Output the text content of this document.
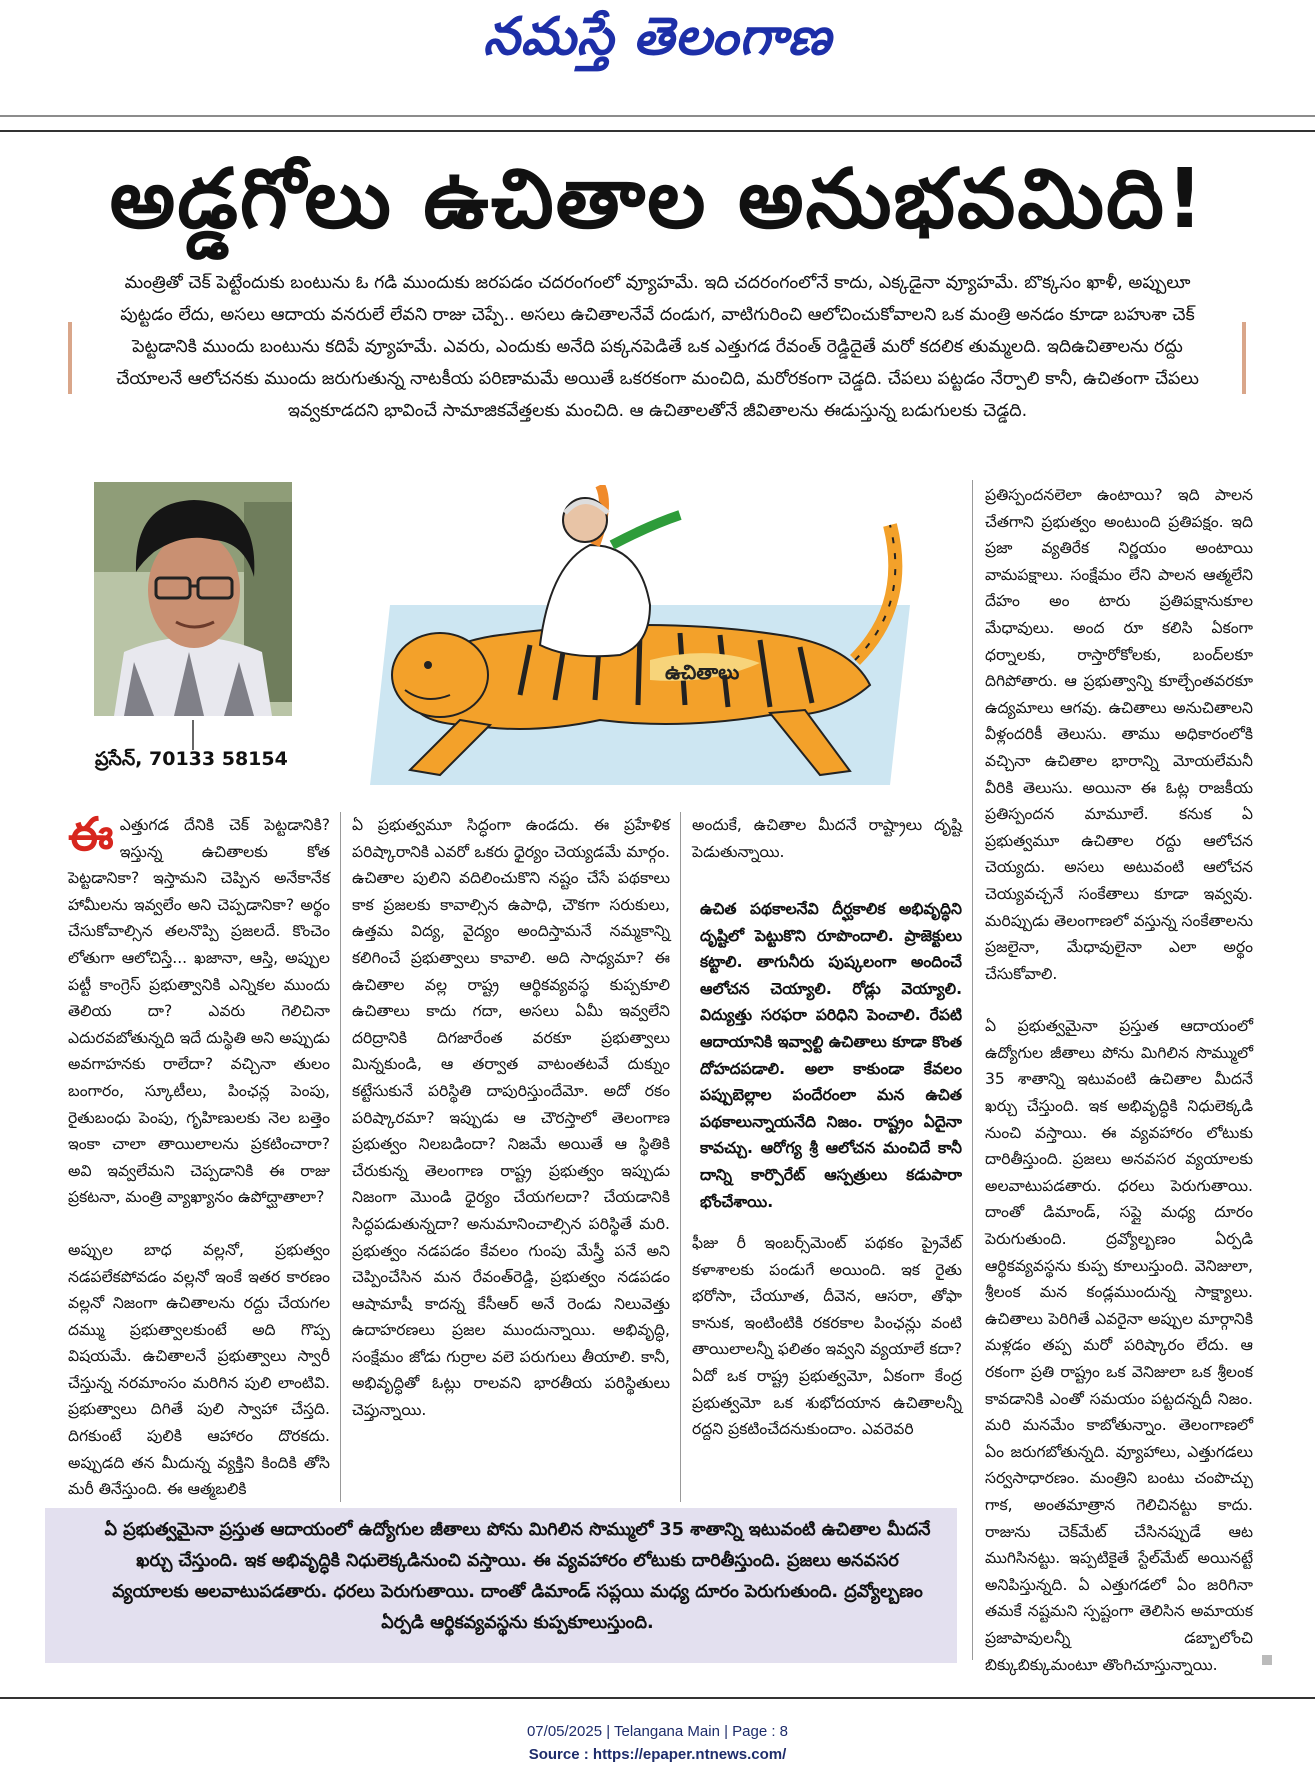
నమస్తే తెలంగాణ
అడ్డగోలు ఉచితాల అనుభవమిది!
మంత్రితో చెక్ పెట్టేందుకు బంటును ఓ గడి ముందుకు జరపడం చదరంగంలో వ్యూహమే. ఇది చదరంగంలోనే కాదు, ఎక్కడైనా వ్యూహమే. బొక్కసం ఖాళీ, అప్పులూ పుట్టడం లేదు, అసలు ఆదాయ వనరులే లేవని రాజు చెప్పే.. అసలు ఉచితాలనేవే దండుగ, వాటిగురించి ఆలోచించుకోవాలని ఒక మంత్రి అనడం కూడా బహుశా చెక్ పెట్టడానికి ముందు బంటును కదిపే వ్యూహమే. ఎవరు, ఎందుకు అనేది పక్కనపెడితే ఒక ఎత్తుగడ రేవంత్ రెడ్డిదైతే మరో కదలిక తుమ్మలది. ఇదిఉచితాలను రద్దు చేయాలనే ఆలోచనకు ముందు జరుగుతున్న నాటకీయ పరిణామమే అయితే ఒకరకంగా మంచిది, మరోరకంగా చెడ్డది. చేపలు పట్టడం నేర్పాలి కానీ, ఉచితంగా చేపలు ఇవ్వకూడదని భావించే సామాజికవేత్తలకు మంచిది. ఆ ఉచితాలతోనే జీవితాలను ఈడుస్తున్న బడుగులకు చెడ్డది.
ప్రసేన్, 70133 58154
ఉచితాలు

ఈఎత్తుగడ దేనికి చెక్ పెట్టడానికి? ఇస్తున్న ఉచితాలకు కోత పెట్టడానికా? ఇస్తామని చెప్పిన అనేకానేక హామీలను ఇవ్వలేం అని చెప్పడానికా? అర్థం చేసుకోవాల్సిన తలనొప్పి ప్రజలదే. కొంచెం లోతుగా ఆలోచిస్తే... ఖజానా, ఆస్తి, అప్పుల పట్టీ కాంగ్రెస్ ప్రభుత్వానికి ఎన్నికల ముందు తెలియ దా? ఎవరు గెలిచినా ఎదురవబోతున్నది ఇదే దుస్థితి అని అప్పుడు అవగాహనకు రాలేదా? వచ్చినా తులం బంగారం, స్కూటీలు, పింఛన్ల పెంపు, రైతుబంధు పెంపు, గృహిణులకు నెల బత్తెం ఇంకా చాలా తాయిలాలను ప్రకటించారా? అవి ఇవ్వలేమని చెప్పడానికి ఈ రాజు ప్రకటనా, మంత్రి వ్యాఖ్యానం ఉపోద్ఘాతాలా?

అప్పుల బాధ వల్లనో, ప్రభుత్వం నడపలేకపోవడం వల్లనో ఇంకే ఇతర కారణం వల్లనో నిజంగా ఉచితాలను రద్దు చేయగల దమ్ము ప్రభుత్వాలకుంటే అది గొప్ప విషయమే. ఉచితాలనే ప్రభుత్వాలు స్వారీ చేస్తున్న నరమాంసం మరిగిన పులి లాంటివి. ప్రభుత్వాలు దిగితే పులి స్వాహా చేస్తది. దిగకుంటే పులికి ఆహారం దొరకదు. అప్పుడది తన మీదున్న వ్యక్తిని కిందికి తోసి మరీ తినేస్తుంది. ఈ ఆత్మబలికి

ఏ ప్రభుత్వమూ సిద్ధంగా ఉండదు. ఈ ప్రహేళిక పరిష్కారానికి ఎవరో ఒకరు ధైర్యం చెయ్యడమే మార్గం. ఉచితాల పులిని వదిలించుకొని నష్టం చేసే పథకాలు కాక ప్రజలకు కావాల్సిన ఉపాధి, చౌకగా సరుకులు, ఉత్తమ విద్య, వైద్యం అందిస్తామనే నమ్మకాన్ని కలిగించే ప్రభుత్వాలు కావాలి. అది సాధ్యమా? ఈ ఉచితాల వల్ల రాష్ట్ర ఆర్థికవ్యవస్థ కుప్పకూలి ఉచితాలు కాదు గదా, అసలు ఏమీ ఇవ్వలేని దరిద్రానికి దిగజారేంత వరకూ ప్రభుత్వాలు మిన్నకుండి, ఆ తర్వాత వాటంతటవే దుక్నుం కట్టేసుకునే పరిస్థితి దాపురిస్తుందేమో. అదో రకం పరిష్కారమా? ఇప్పుడు ఆ చౌరస్తాలో తెలంగాణ ప్రభుత్వం నిలబడిందా? నిజమే అయితే ఆ స్థితికి చేరుకున్న తెలంగాణ రాష్ట్ర ప్రభుత్వం ఇప్పుడు నిజంగా మొండి ధైర్యం చేయగలదా? చేయడానికి సిద్ధపడుతున్నదా? అనుమానించాల్సిన పరిస్థితే మరి. ప్రభుత్వం నడపడం కేవలం గుంపు మేస్త్రీ పనే అని చెప్పించేసిన మన రేవంత్‌రెడ్డి, ప్రభుత్వం నడపడం ఆషామాషీ కాదన్న కేసీఆర్ అనే రెండు నిలువెత్తు ఉదాహరణలు ప్రజల ముందున్నాయి. అభివృద్ధి, సంక్షేమం జోడు గుర్రాల వలె పరుగులు తీయాలి. కానీ, అభివృద్ధితో ఓట్లు రాలవని భారతీయ పరిస్థితులు చెప్తున్నాయి.

అందుకే, ఉచితాల మీదనే రాష్ట్రాలు దృష్టి పెడుతున్నాయి.

ఉచిత పథకాలనేవి దీర్ఘకాలిక అభివృద్ధిని దృష్టిలో పెట్టుకొని రూపొందాలి. ప్రాజెక్టులు కట్టాలి. తాగునీరు పుష్కలంగా అందించే ఆలోచన చెయ్యాలి. రోడ్లు వెయ్యాలి. విద్యుత్తు సరఫరా పరిధిని పెంచాలి. రేపటి ఆదాయానికి ఇవ్వాల్టి ఉచితాలు కూడా కొంత దోహదపడాలి. అలా కాకుండా కేవలం పప్పుబెల్లాల పందేరంలా మన ఉచిత పథకాలున్నాయనేది నిజం. రాష్ట్రం ఏదైనా కావచ్చు. ఆరోగ్య శ్రీ ఆలోచన మంచిదే కానీ దాన్ని కార్పొరేట్ ఆస్పత్రులు కడుపారా భోంచేశాయి.

ఫీజు రీ ఇంబర్స్‌మెంట్ పథకం ప్రైవేట్ కళాశాలకు పండుగే అయింది. ఇక రైతు భరోసా, చేయూత, దీవెన, ఆసరా, తోఫా కానుక, ఇంటింటికి రకరకాల పింఛన్లు వంటి తాయిలాలన్నీ ఫలితం ఇవ్వని వ్యయాలే కదా? ఏదో ఒక రాష్ట్ర ప్రభుత్వమో, ఏకంగా కేంద్ర ప్రభుత్వమో ఒక శుభోదయాన ఉచితాలన్నీ రద్దని ప్రకటించేదనుకుందాం. ఎవరెవరి

ప్రతిస్పందనలెలా ఉంటాయి? ఇది పాలన చేతగాని ప్రభుత్వం అంటుంది ప్రతిపక్షం. ఇది ప్రజా వ్యతిరేక నిర్ణయం అంటాయి వామపక్షాలు. సంక్షేమం లేని పాలన ఆత్మలేని దేహం అం టారు ప్రతిపక్షానుకూల మేధావులు. అంద రూ కలిసి ఏకంగా ధర్నాలకు, రాస్తారోకోలకు, బంద్‌లకూ దిగిపోతారు. ఆ ప్రభుత్వాన్ని కూల్చేంతవరకూ ఉద్యమాలు ఆగవు. ఉచితాలు అనుచితాలని వీళ్లందరికీ తెలుసు. తాము అధికారంలోకి వచ్చినా ఉచితాల భారాన్ని మోయలేమనీ వీరికి తెలుసు. అయినా ఈ ఓట్ల రాజకీయ ప్రతిస్పందన మామూలే. కనుక ఏ ప్రభుత్వమూ ఉచితాల రద్దు ఆలోచన చెయ్యదు. అసలు అటువంటి ఆలోచన చెయ్యవచ్చనే సంకేతాలు కూడా ఇవ్వవు. మరిప్పుడు తెలంగాణలో వస్తున్న సంకేతాలను ప్రజలైనా, మేధావులైనా ఎలా అర్థం చేసుకోవాలి.

ఏ ప్రభుత్వమైనా ప్రస్తుత ఆదాయంలో ఉద్యోగుల జీతాలు పోను మిగిలిన సొమ్ములో 35 శాతాన్ని ఇటువంటి ఉచితాల మీదనే ఖర్చు చేస్తుంది. ఇక అభివృద్ధికి నిధులెక్కడి నుంచి వస్తాయి. ఈ వ్యవహారం లోటుకు దారితీస్తుంది. ప్రజలు అనవసర వ్యయాలకు అలవాటుపడతారు. ధరలు పెరుగుతాయి. దాంతో డిమాండ్, సప్లై మధ్య దూరం పెరుగుతుంది. ద్రవ్యోల్బణం ఏర్పడి ఆర్థికవ్యవస్థను కుప్ప కూలుస్తుంది. వెనిజులా, శ్రీలంక మన కండ్లముందున్న సాక్ష్యాలు. ఉచితాలు పెరిగితే ఎవరైనా అప్పుల మార్గానికి మళ్లడం తప్ప మరో పరిష్కారం లేదు. ఆ రకంగా ప్రతి రాష్ట్రం ఒక వెనిజులా ఒక శ్రీలంక కావడానికి ఎంతో సమయం పట్టదన్నదీ నిజం. మరి మనమేం కాబోతున్నాం. తెలంగాణలో ఏం జరుగబోతున్నది. వ్యూహాలు, ఎత్తుగడలు సర్వసాధారణం. మంత్రిని బంటు చంపొచ్చు గాక, అంతమాత్రాన గెలిచినట్టు కాదు. రాజును చెక్‌మేట్ చేసినప్పుడే ఆట ముగిసినట్టు. ఇప్పటికైతే స్టేల్‌మేట్ అయినట్టే అనిపిస్తున్నది. ఏ ఎత్తుగడలో ఏం జరిగినా తమకే నష్టమని స్పష్టంగా తెలిసిన అమాయక ప్రజాపావులన్నీ డబ్బాలోంచి బిక్కుబిక్కుమంటూ తొంగిచూస్తున్నాయి.

ఏ ప్రభుత్వమైనా ప్రస్తుత ఆదాయంలో ఉద్యోగుల జీతాలు పోను మిగిలిన సొమ్ములో 35 శాతాన్ని ఇటువంటి ఉచితాల మీదనే ఖర్చు చేస్తుంది. ఇక అభివృద్ధికి నిధులెక్కడినుంచి వస్తాయి. ఈ వ్యవహారం లోటుకు దారితీస్తుంది. ప్రజలు అనవసర వ్యయాలకు అలవాటుపడతారు. ధరలు పెరుగుతాయి. దాంతో డిమాండ్ సప్లయి మధ్య దూరం పెరుగుతుంది. ద్రవ్యోల్బణం ఏర్పడి ఆర్థికవ్యవస్థను కుప్పకూలుస్తుంది.
07/05/2025 | Telangana Main | Page : 8
Source : https://epaper.ntnews.com/
